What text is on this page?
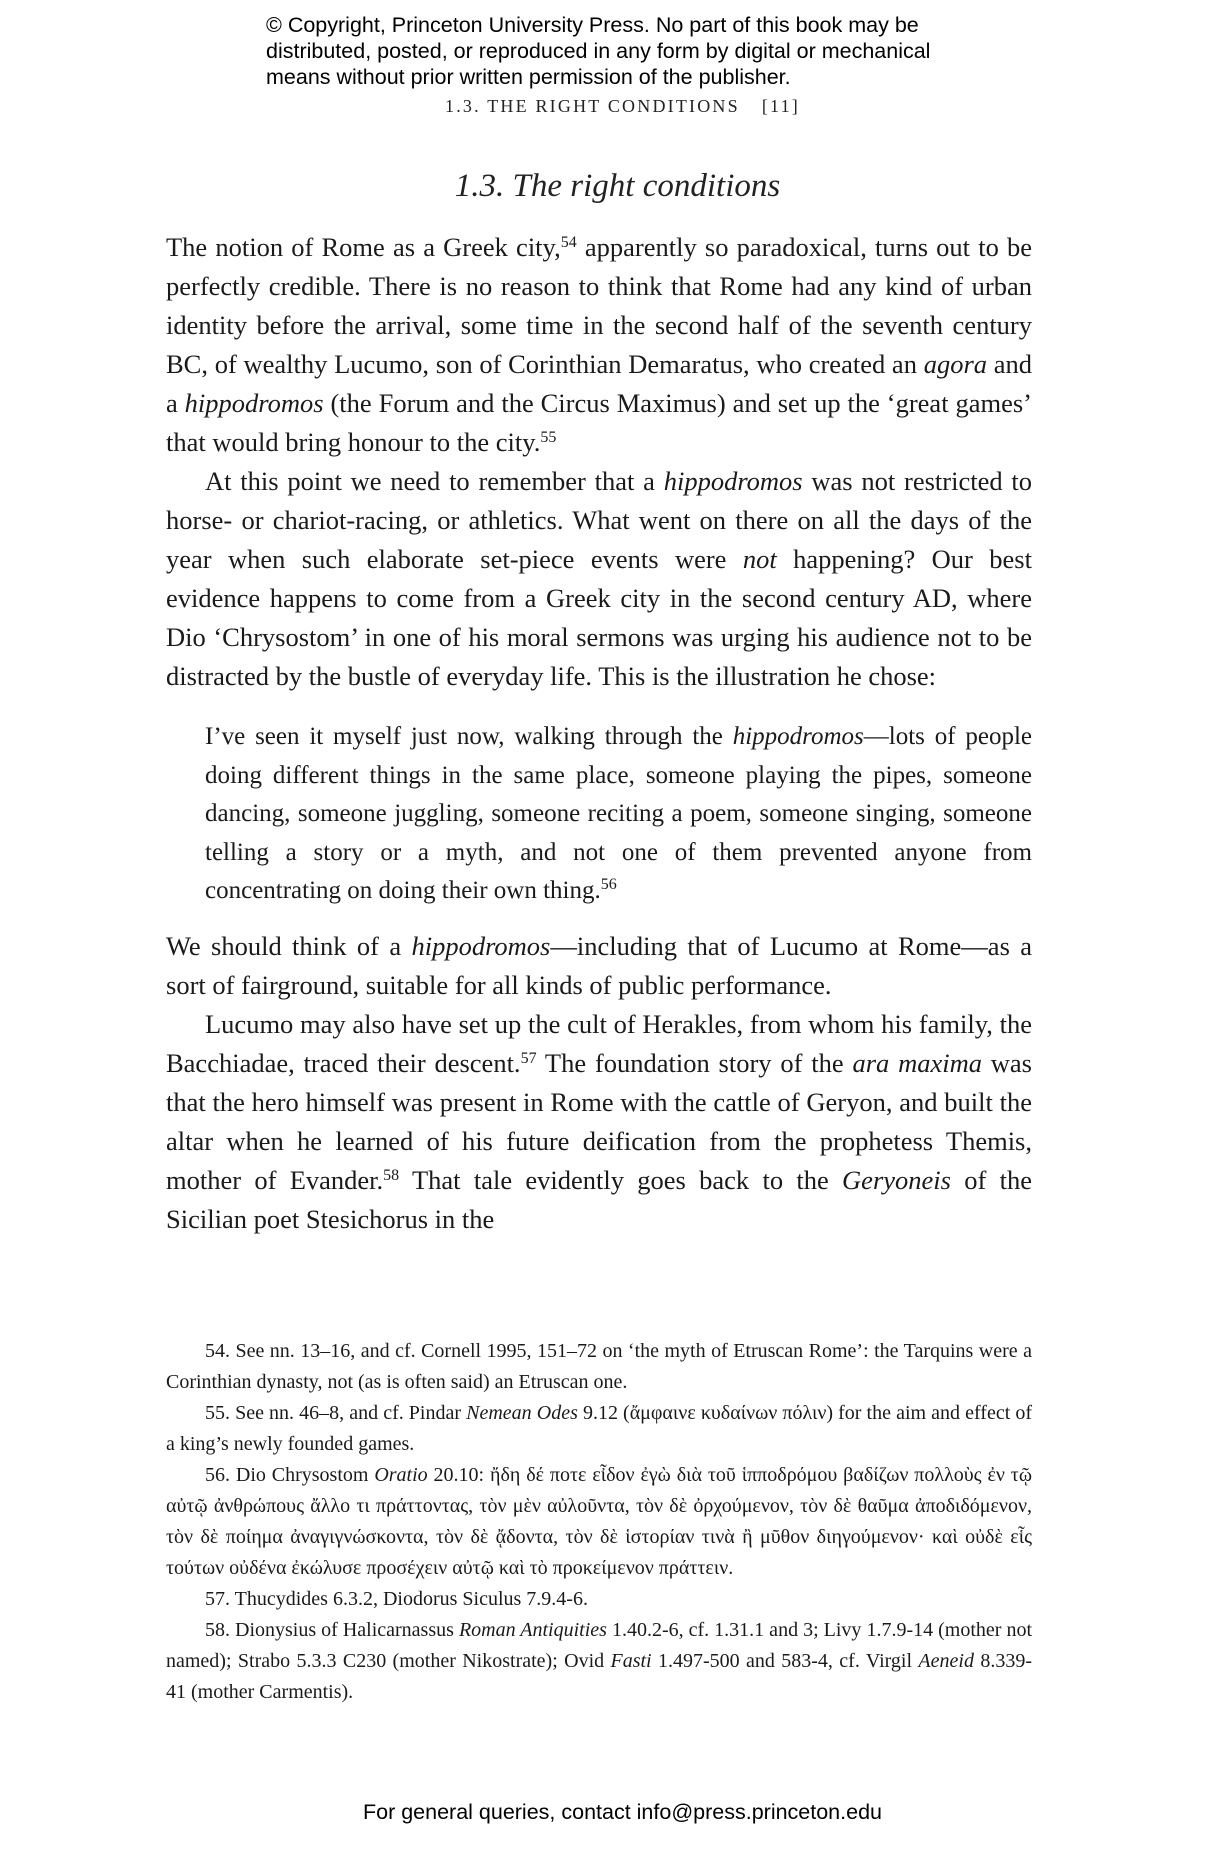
© Copyright, Princeton University Press. No part of this book may be
distributed, posted, or reproduced in any form by digital or mechanical
means without prior written permission of the publisher.
1.3. THE RIGHT CONDITIONS [11]
1.3. The right conditions

The notion of Rome as a Greek city,$^{54}$ apparently so paradoxical, turns out to be perfectly credible. There is no reason to think that Rome had any kind of urban identity before the arrival, some time in the second half of the seventh century BC, of wealthy Lucumo, son of Corinthian Demaratus, who created an agora and a hippodromos (the Forum and the Circus Maximus) and set up the ‘great games’ that would bring honour to the city.$^{55}$

At this point we need to remember that a hippodromos was not restricted to horse- or chariot-racing, or athletics. What went on there on all the days of the year when such elaborate set-piece events were not happening? Our best evidence happens to come from a Greek city in the second century AD, where Dio ‘Chrysostom’ in one of his moral sermons was urging his audience not to be distracted by the bustle of everyday life. This is the illustration he chose:

I’ve seen it myself just now, walking through the hippodromos—lots of people doing different things in the same place, someone playing the pipes, someone dancing, someone juggling, someone reciting a poem, someone singing, someone telling a story or a myth, and not one of them prevented anyone from concentrating on doing their own thing.$^{56}$

We should think of a hippodromos—including that of Lucumo at Rome—as a sort of fairground, suitable for all kinds of public performance.

Lucumo may also have set up the cult of Herakles, from whom his family, the Bacchiadae, traced their descent.$^{57}$ The foundation story of the ara maxima was that the hero himself was present in Rome with the cattle of Geryon, and built the altar when he learned of his future deification from the prophetess Themis, mother of Evander.$^{58}$ That tale evidently goes back to the Geryoneis of the Sicilian poet Stesichorus in the

54. See nn. 13–16, and cf. Cornell 1995, 151–72 on ‘the myth of Etruscan Rome’: the Tarquins were a Corinthian dynasty, not (as is often said) an Etruscan one.

55. See nn. 46–8, and cf. Pindar Nemean Odes 9.12 (ἄμφαινε κυδαίνων πόλιν) for the aim and effect of a king’s newly founded games.

56. Dio Chrysostom Oratio 20.10: ἤδη δέ ποτε εἶδον ἐγὼ διὰ τοῦ ἱπποδρόμου βαδίζων πολλοὺς ἐν τῷ αὐτῷ ἀνθρώπους ἄλλο τι πράττοντας, τὸν μὲν αὐλοῦντα, τὸν δὲ ὀρχούμενον, τὸν δὲ θαῦμα ἀποδιδόμενον, τὸν δὲ ποίημα ἀναγιγνώσκοντα, τὸν δὲ ᾄδοντα, τὸν δὲ ἱστορίαν τινὰ ἢ μῦθον διηγούμενον· καὶ οὐδὲ εἷς τούτων οὐδένα ἐκώλυσε προσέχειν αὐτῷ καὶ τὸ προκείμενον πράττειν.

57. Thucydides 6.3.2, Diodorus Siculus 7.9.4-6.

58. Dionysius of Halicarnassus Roman Antiquities 1.40.2-6, cf. 1.31.1 and 3; Livy 1.7.9-14 (mother not named); Strabo 5.3.3 C230 (mother Nikostrate); Ovid Fasti 1.497-500 and 583-4, cf. Virgil Aeneid 8.339-41 (mother Carmentis).

For general queries, contact info@press.princeton.edu
